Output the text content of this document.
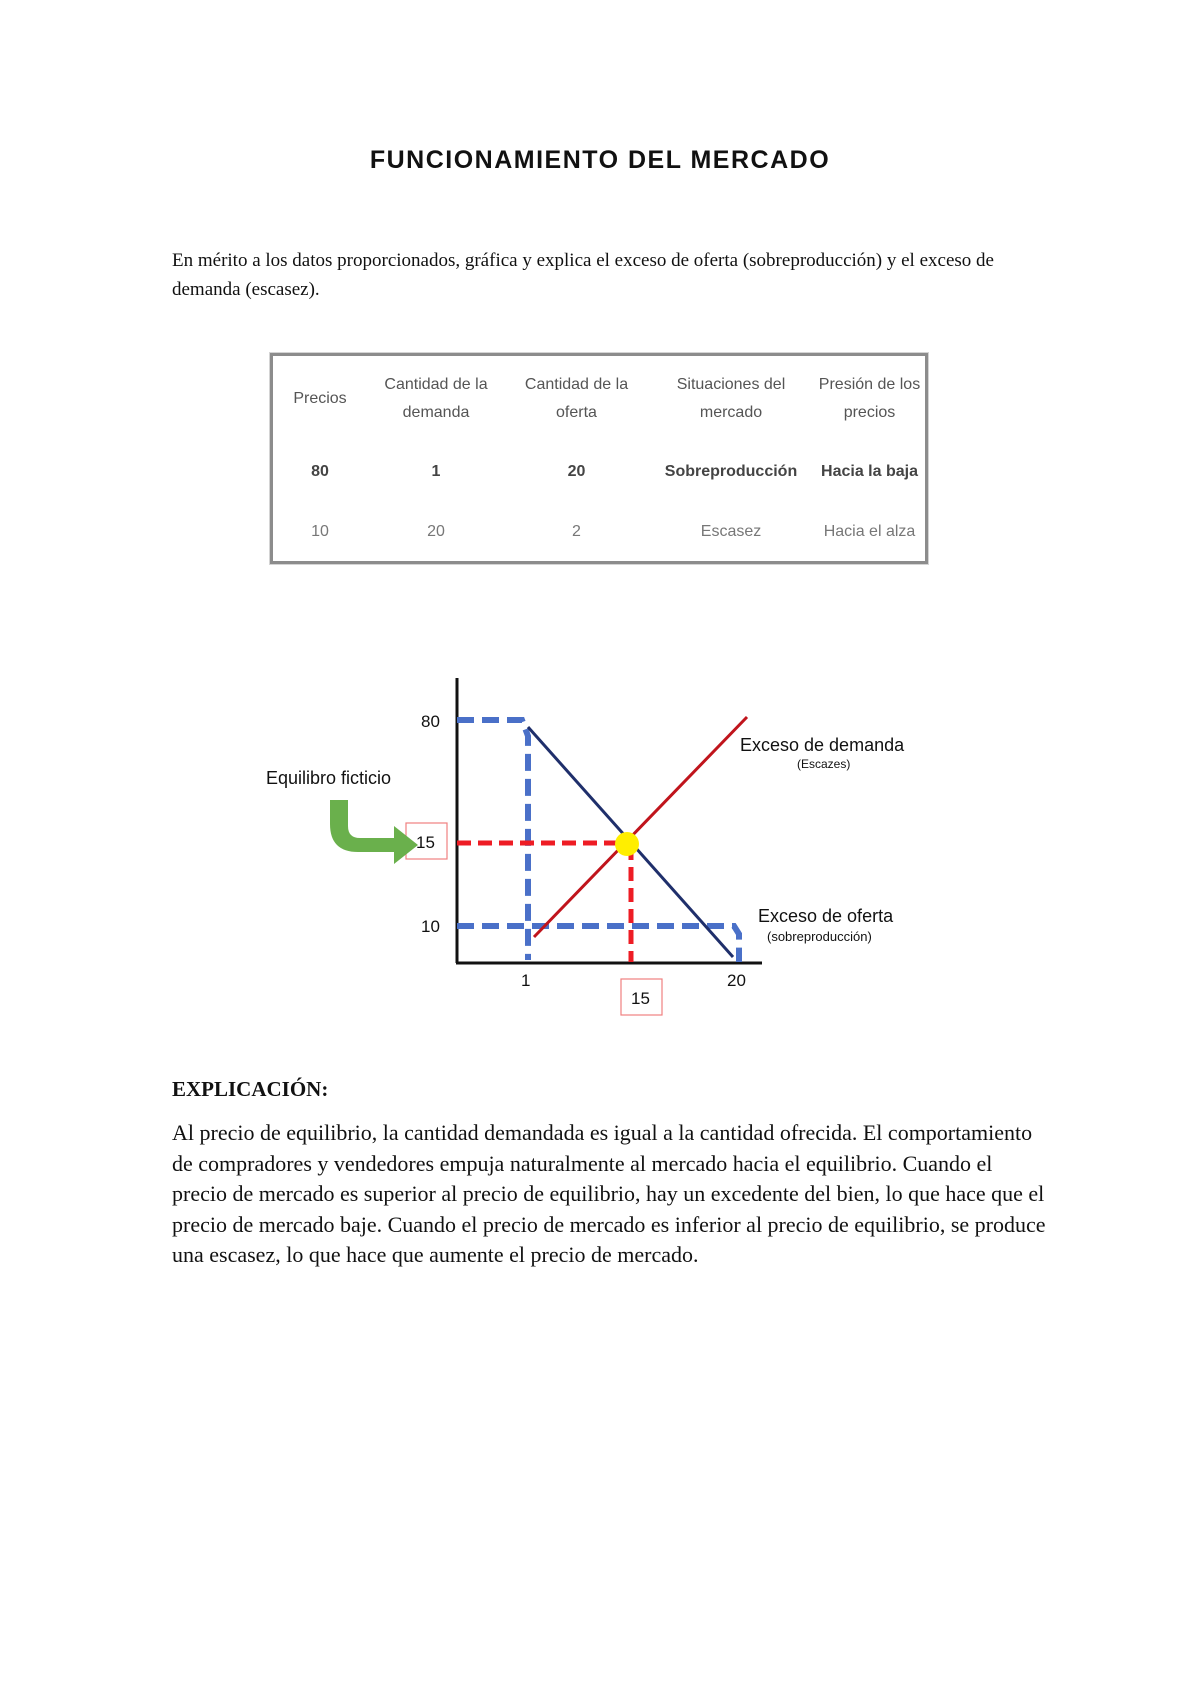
FUNCIONAMIENTO DEL MERCADO

En mérito a los datos proporcionados, gráfica y explica el exceso de oferta (sobreproducción) y el exceso de demanda (escasez).

Precios	Cantidad de la demanda	Cantidad de la oferta	Situaciones del mercado	Presión de los precios
80	1	20	Sobreproducción	Hacia la baja
10	20	2	Escasez	Hacia el alza
80
15
10
1
15
20
Equilibro ficticio
Exceso de demanda
(Escazes)
Exceso de oferta
(sobreproducción)
EXPLICACIÓN:

Al precio de equilibrio, la cantidad demandada es igual a la cantidad ofrecida. El comportamiento de compradores y vendedores empuja naturalmente al mercado hacia el equilibrio. Cuando el precio de mercado es superior al precio de equilibrio, hay un excedente del bien, lo que hace que el precio de mercado baje. Cuando el precio de mercado es inferior al precio de equilibrio, se produce una escasez, lo que hace que aumente el precio de mercado.
